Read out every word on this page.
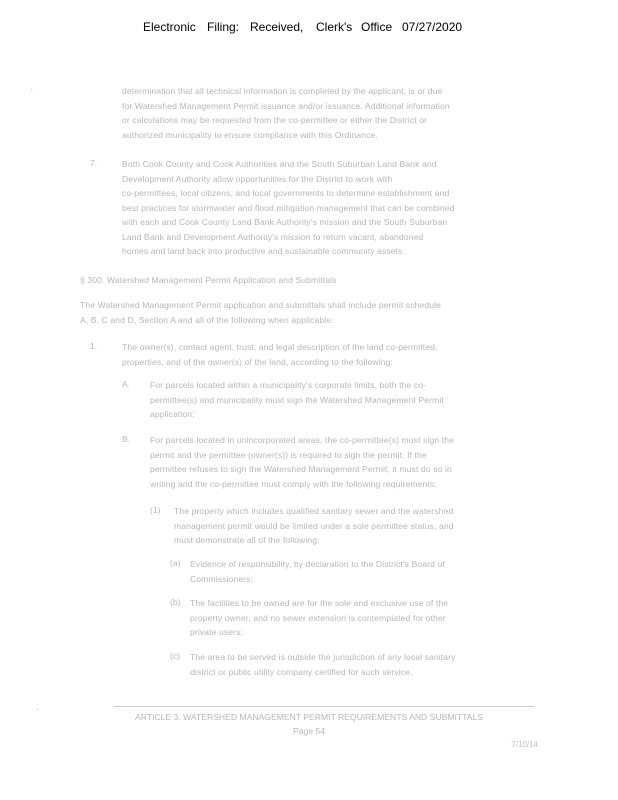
Electronic Filing: Received, Clerk's Office 07/27/2020
·
·

determination that all technical information is completed by the applicant, is or due

for Watershed Management Permit issuance and/or issuance. Additional information

or calculations may be requested from the co-permittee or either the District or

authorized municipality to ensure compliance with this Ordinance.

7.	Both Cook County and Cook Authorities and the South Suburban Land Bank and

Development Authority allow opportunities for the District to work with

co-permittees, local citizens, and local governments to determine establishment and

best practices for stormwater and flood mitigation management that can be combined

with each and Cook County Land Bank Authority's mission and the South Suburban

Land Bank and Development Authority's mission to return vacant, abandoned

homes and land back into productive and sustainable community assets.

§ 300. Watershed Management Permit Application and Submittals

The Watershed Management Permit application and submittals shall include permit schedule

A, B, C and D, Section A and all of the following when applicable:

1.	The owner(s), contact agent, trust, and legal description of the land co-permitted,

properties, and of the owner(s) of the land, according to the following:

A. For parcels located within a municipality's corporate limits, both the co-

permittee(s) and municipality must sign the Watershed Management Permit

application;

B. For parcels located in unincorporated areas, the co-permittee(s) must sign the

permit and the permittee (owner(s)) is required to sign the permit. If the

permittee refuses to sign the Watershed Management Permit, it must do so in

writing and the co-permittee must comply with the following requirements:

(1) The property which includes qualified sanitary sewer and the watershed

management permit would be limited under a sole permittee status, and

must demonstrate all of the following:

(a) Evidence of responsibility, by declaration to the District's Board of

Commissioners;

(b) The facilities to be owned are for the sole and exclusive use of the

property owner, and no sewer extension is contemplated for other

private users;

(c) The area to be served is outside the jurisdiction of any local sanitary

district or public utility company certified for such service.

ARTICLE 3. WATERSHED MANAGEMENT PERMIT REQUIREMENTS AND SUBMITTALS
Page 54
7/10/14
